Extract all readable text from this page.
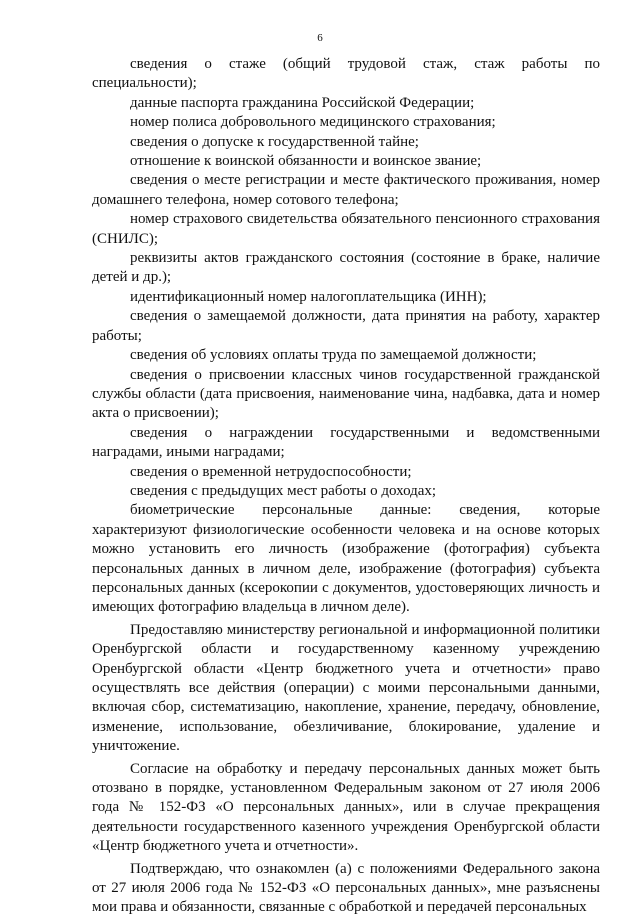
6

сведения о стаже (общий трудовой стаж, стаж работы по специальности);

данные паспорта гражданина Российской Федерации;

номер полиса добровольного медицинского страхования;

сведения о допуске к государственной тайне;

отношение к воинской обязанности и воинское звание;

сведения о месте регистрации и месте фактического проживания, номер домашнего телефона, номер сотового телефона;

номер страхового свидетельства обязательного пенсионного страхования (СНИЛС);

реквизиты актов гражданского состояния (состояние в браке, наличие детей и др.);

идентификационный номер налогоплательщика (ИНН);

сведения о замещаемой должности, дата принятия на работу, характер работы;

сведения об условиях оплаты труда по замещаемой должности;

сведения о присвоении классных чинов государственной гражданской службы области (дата присвоения, наименование чина, надбавка, дата и номер акта о присвоении);

сведения о награждении государственными и ведомственными наградами, иными наградами;

сведения о временной нетрудоспособности;

сведения с предыдущих мест работы о доходах;

биометрические персональные данные: сведения, которые характеризуют физиологические особенности человека и на основе которых можно установить его личность (изображение (фотография) субъекта персональных данных в личном деле, изображение (фотография) субъекта персональных данных (ксерокопии с документов, удостоверяющих личность и имеющих фотографию владельца в личном деле).

Предоставляю министерству региональной и информационной политики Оренбургской области и государственному казенному учреждению Оренбургской области «Центр бюджетного учета и отчетности» право осуществлять все действия (операции) с моими персональными данными, включая сбор, систематизацию, накопление, хранение, передачу, обновление, изменение, использование, обезличивание, блокирование, удаление и уничтожение.

Согласие на обработку и передачу персональных данных может быть отозвано в порядке, установленном Федеральным законом от 27 июля 2006 года № 152-ФЗ «О персональных данных», или в случае прекращения деятельности государственного казенного учреждения Оренбургской области «Центр бюджетного учета и отчетности».

Подтверждаю, что ознакомлен (а) с положениями Федерального закона от 27 июля 2006 года № 152-ФЗ «О персональных данных», мне разъяснены мои права и обязанности, связанные с обработкой и передачей персональных
